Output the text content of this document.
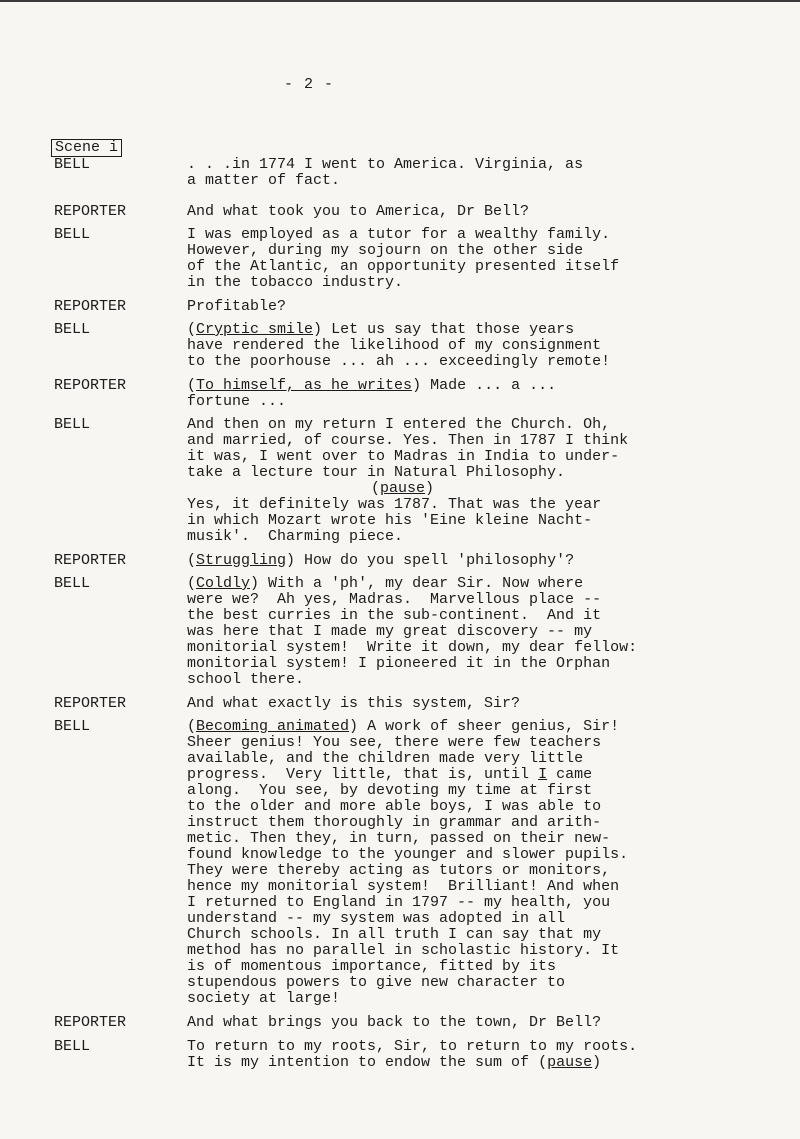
- 2 -
Scene i
BELL	. . .in 1774 I went to America. Virginia, as
a matter of fact.
REPORTER	And what took you to America, Dr Bell?
BELL	I was employed as a tutor for a wealthy family.
However, during my sojourn on the other side
of the Atlantic, an opportunity presented itself
in the tobacco industry.
REPORTER	Profitable?
BELL	(Cryptic smile) Let us say that those years
have rendered the likelihood of my consignment
to the poorhouse ... ah ... exceedingly remote!
REPORTER	(To himself, as he writes) Made ... a ...
fortune ...
BELL	And then on my return I entered the Church. Oh,
and married, of course. Yes. Then in 1787 I think
it was, I went over to Madras in India to under-
take a lecture tour in Natural Philosophy.
(pause)
Yes, it definitely was 1787. That was the year
in which Mozart wrote his 'Eine kleine Nacht-
musik'.  Charming piece.
REPORTER	(Struggling) How do you spell 'philosophy'?
BELL	(Coldly) With a 'ph', my dear Sir. Now where
were we?  Ah yes, Madras.  Marvellous place --
the best curries in the sub-continent.  And it
was here that I made my great discovery -- my
monitorial system!  Write it down, my dear fellow:
monitorial system! I pioneered it in the Orphan
school there.
REPORTER	And what exactly is this system, Sir?
BELL	(Becoming animated) A work of sheer genius, Sir!
Sheer genius! You see, there were few teachers
available, and the children made very little
progress.  Very little, that is, until I came
along.  You see, by devoting my time at first
to the older and more able boys, I was able to
instruct them thoroughly in grammar and arith-
metic. Then they, in turn, passed on their new-
found knowledge to the younger and slower pupils.
They were thereby acting as tutors or monitors,
hence my monitorial system!  Brilliant! And when
I returned to England in 1797 -- my health, you
understand -- my system was adopted in all
Church schools. In all truth I can say that my
method has no parallel in scholastic history. It
is of momentous importance, fitted by its
stupendous powers to give new character to
society at large!
REPORTER	And what brings you back to the town, Dr Bell?
BELL	To return to my roots, Sir, to return to my roots.
It is my intention to endow the sum of (pause)
